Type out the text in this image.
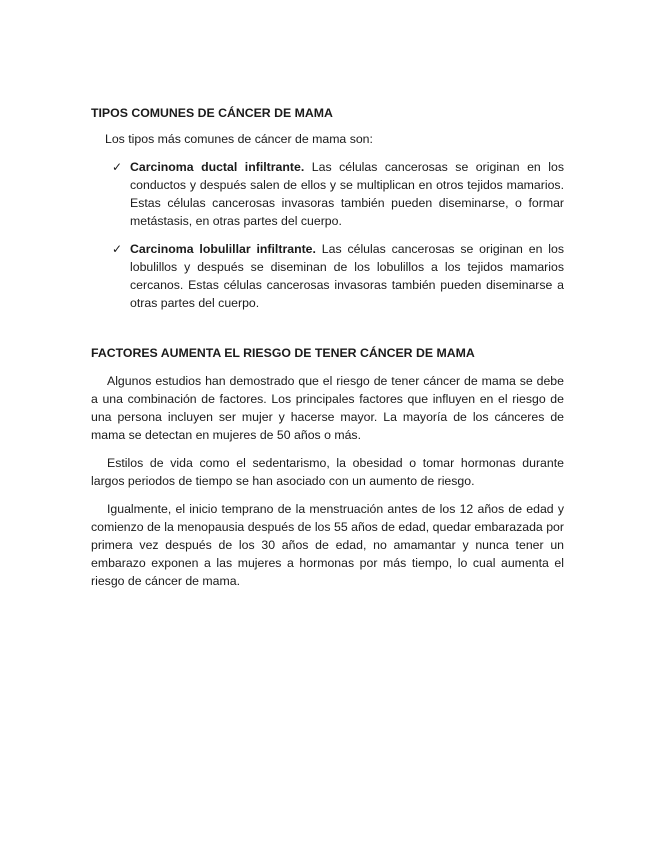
TIPOS COMUNES DE CÁNCER DE MAMA

Los tipos más comunes de cáncer de mama son:

✓ Carcinoma ductal infiltrante. Las células cancerosas se originan en los conductos y después salen de ellos y se multiplican en otros tejidos mamarios. Estas células cancerosas invasoras también pueden diseminarse, o formar metástasis, en otras partes del cuerpo.
✓ Carcinoma lobulillar infiltrante. Las células cancerosas se originan en los lobulillos y después se diseminan de los lobulillos a los tejidos mamarios cercanos. Estas células cancerosas invasoras también pueden diseminarse a otras partes del cuerpo.
FACTORES AUMENTA EL RIESGO DE TENER CÁNCER DE MAMA

Algunos estudios han demostrado que el riesgo de tener cáncer de mama se debe a una combinación de factores. Los principales factores que influyen en el riesgo de una persona incluyen ser mujer y hacerse mayor. La mayoría de los cánceres de mama se detectan en mujeres de 50 años o más.

Estilos de vida como el sedentarismo, la obesidad o tomar hormonas durante largos periodos de tiempo se han asociado con un aumento de riesgo.

Igualmente, el inicio temprano de la menstruación antes de los 12 años de edad y comienzo de la menopausia después de los 55 años de edad, quedar embarazada por primera vez después de los 30 años de edad, no amamantar y nunca tener un embarazo exponen a las mujeres a hormonas por más tiempo, lo cual aumenta el riesgo de cáncer de mama.
